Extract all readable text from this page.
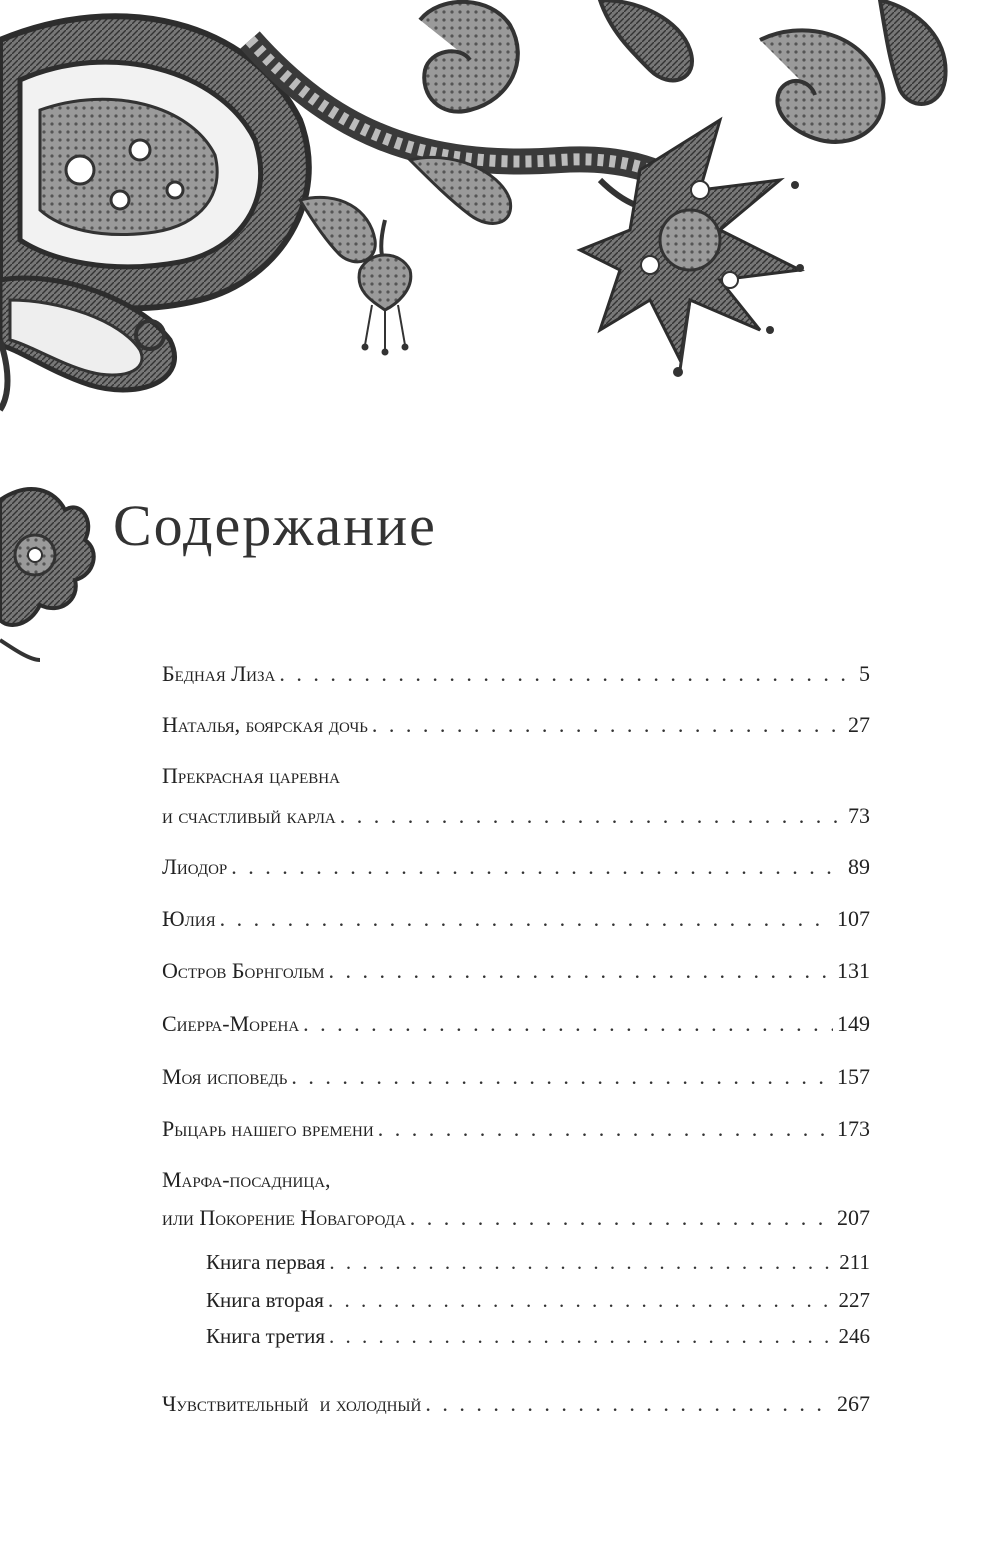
Содержание
Бедная Лиза . . .	5
Наталья, боярская дочь . . .	27
Прекрасная царевна
и счастливый карла . . .	73
Лиодор . . .	89
Юлия . . .	107
Остров Борнгольм . . .	131
Сиерра-Морена . . .	149
Моя исповедь . . .	157
Рыцарь нашего времени . . .	173
Марфа-посадница,
или Покорение Новагорода . . .	207
Книга первая . . .	211
Книга вторая . . .	227
Книга третия . . .	246
Чувствительный  и холодный . . .	267
